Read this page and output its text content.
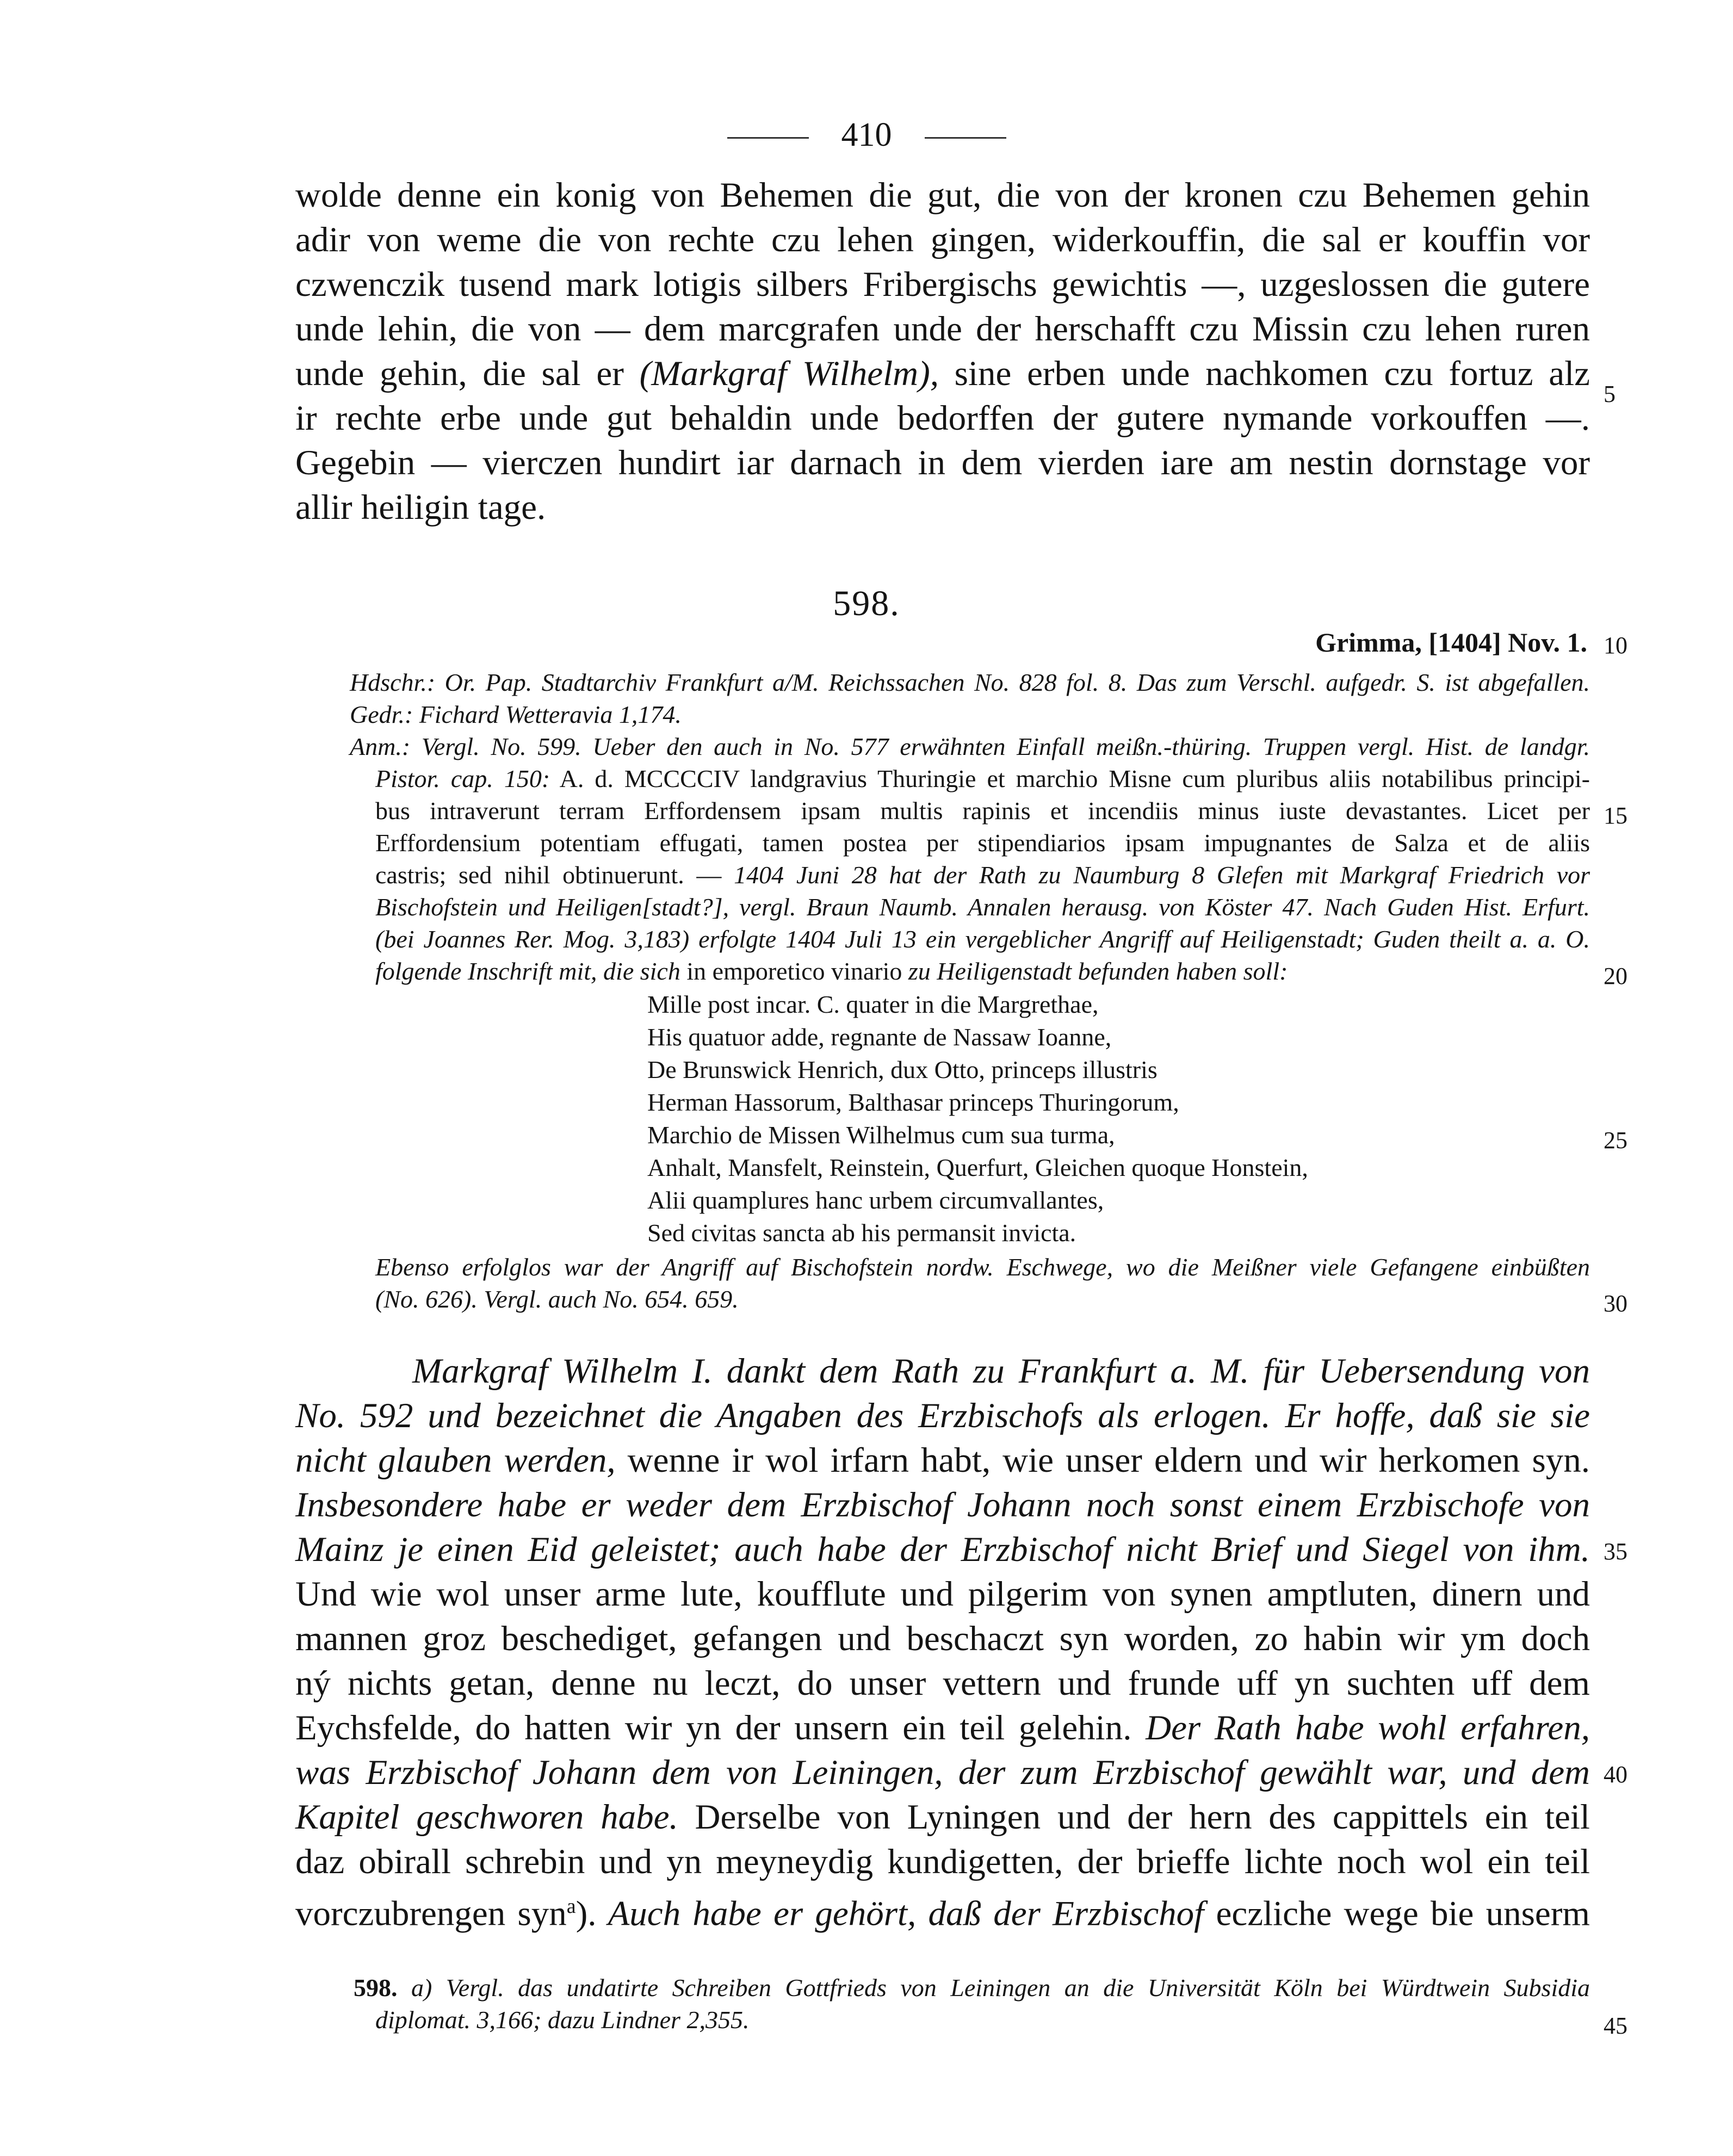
410
wolde denne ein konig von Behemen die gut, die von der kronen czu Behemen gehin
adir von weme die von rechte czu lehen gingen, widerkouffin, die sal er kouffin vor
czwenczik tusend mark lotigis silbers Fribergischs gewichtis —, uzgeslossen die gutere
unde lehin, die von — dem marcgrafen unde der herschafft czu Missin czu lehen ruren
unde gehin, die sal er (Markgraf Wilhelm), sine erben unde nachkomen czu fortuz alz
ir rechte erbe unde gut behaldin unde bedorffen der gutere nymande vorkouffen —.
Gegebin — vierczen hundirt iar darnach in dem vierden iare am nestin dornstage vor
allir heiligin tage.
598.
Grimma, [1404] Nov. 1.
Hdschr.: Or. Pap. Stadtarchiv Frankfurt a/M. Reichssachen No. 828 fol. 8. Das zum Verschl. aufgedr. S. ist abgefallen.
Gedr.: Fichard Wetteravia 1,174.
Anm.: Vergl. No. 599. Ueber den auch in No. 577 erwähnten Einfall meißn.-thüring. Truppen vergl. Hist. de landgr.
Pistor. cap. 150: A. d. MCCCCIV landgravius Thuringie et marchio Misne cum pluribus aliis notabilibus principi-
bus intraverunt terram Erffordensem ipsam multis rapinis et incendiis minus iuste devastantes. Licet per
Erffordensium potentiam effugati, tamen postea per stipendiarios ipsam impugnantes de Salza et de aliis
castris; sed nihil obtinuerunt. — 1404 Juni 28 hat der Rath zu Naumburg 8 Glefen mit Markgraf Friedrich vor
Bischofstein und Heiligen[stadt?], vergl. Braun Naumb. Annalen herausg. von Köster 47. Nach Guden Hist. Erfurt.
(bei Joannes Rer. Mog. 3,183) erfolgte 1404 Juli 13 ein vergeblicher Angriff auf Heiligenstadt; Guden theilt a. a. O.
folgende Inschrift mit, die sich in emporetico vinario zu Heiligenstadt befunden haben soll:
Mille post incar. C. quater in die Margrethae,
His quatuor adde, regnante de Nassaw Ioanne,
De Brunswick Henrich, dux Otto, princeps illustris
Herman Hassorum, Balthasar princeps Thuringorum,
Marchio de Missen Wilhelmus cum sua turma,
Anhalt, Mansfelt, Reinstein, Querfurt, Gleichen quoque Honstein,
Alii quamplures hanc urbem circumvallantes,
Sed civitas sancta ab his permansit invicta.
Ebenso erfolglos war der Angriff auf Bischofstein nordw. Eschwege, wo die Meißner viele Gefangene einbüßten
(No. 626). Vergl. auch No. 654. 659.
Markgraf Wilhelm I. dankt dem Rath zu Frankfurt a. M. für Uebersendung von
No. 592 und bezeichnet die Angaben des Erzbischofs als erlogen. Er hoffe, daß sie sie
nicht glauben werden, wenne ir wol irfarn habt, wie unser eldern und wir herkomen syn.
Insbesondere habe er weder dem Erzbischof Johann noch sonst einem Erzbischofe von
Mainz je einen Eid geleistet; auch habe der Erzbischof nicht Brief und Siegel von ihm.
Und wie wol unser arme lute, koufflute und pilgerim von synen amptluten, dinern und
mannen groz beschediget, gefangen und beschaczt syn worden, zo habin wir ym doch
ný nichts getan, denne nu leczt, do unser vettern und frunde uff yn suchten uff dem
Eychsfelde, do hatten wir yn der unsern ein teil gelehin. Der Rath habe wohl erfahren,
was Erzbischof Johann dem von Leiningen, der zum Erzbischof gewählt war, und dem
Kapitel geschworen habe. Derselbe von Lyningen und der hern des cappittels ein teil
daz obirall schrebin und yn meyneydig kundigetten, der brieffe lichte noch wol ein teil
vorczubrengen syn$^a$). Auch habe er gehört, daß der Erzbischof eczliche wege bie unserm
598. a) Vergl. das undatirte Schreiben Gottfrieds von Leiningen an die Universität Köln bei Würdtwein Subsidia
diplomat. 3,166; dazu Lindner 2,355.
5
10
15
20
25
30
35
40
45
